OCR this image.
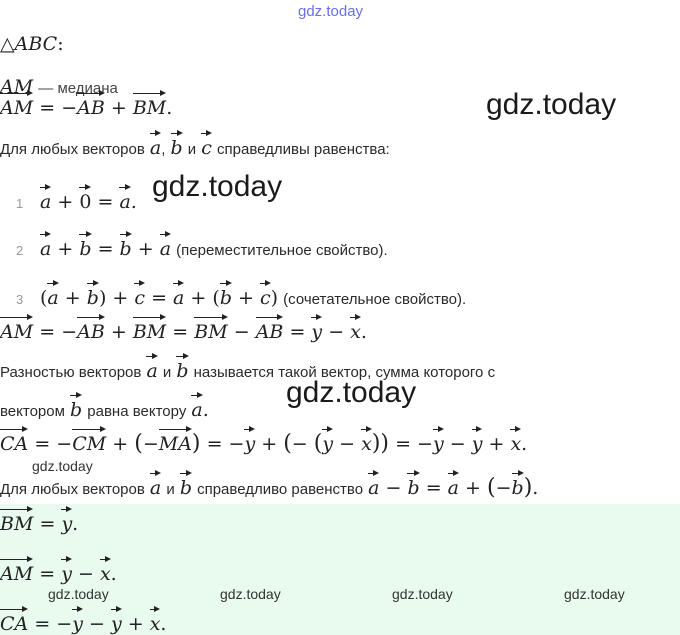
gdz.today
△ABC:
AM — медиана
AM = −AB + BM.	gdz.today
Для любых векторов a, b и c справедливы равенства:
1 a + 0 = a. gdz.today
2 a + b = b + a (переместительное свойство).
3 (a + b) + c = a + (b + c) (сочетательное свойство).
AM = −AB + BM = BM − AB = y − x.
Разностью векторов a и b называется такой вектор, сумма которого с
вектором b равна вектору a.
gdz.today
CA = −CM + (−MA) = −y + (− (y − x)) = −y − y + x.
gdz.today
Для любых векторов a и b справедливо равенство a − b = a + (−b).
BM = y.
AM = y − x.
CA = −y − y + x.
gdz.today	gdz.today	gdz.today	gdz.today
